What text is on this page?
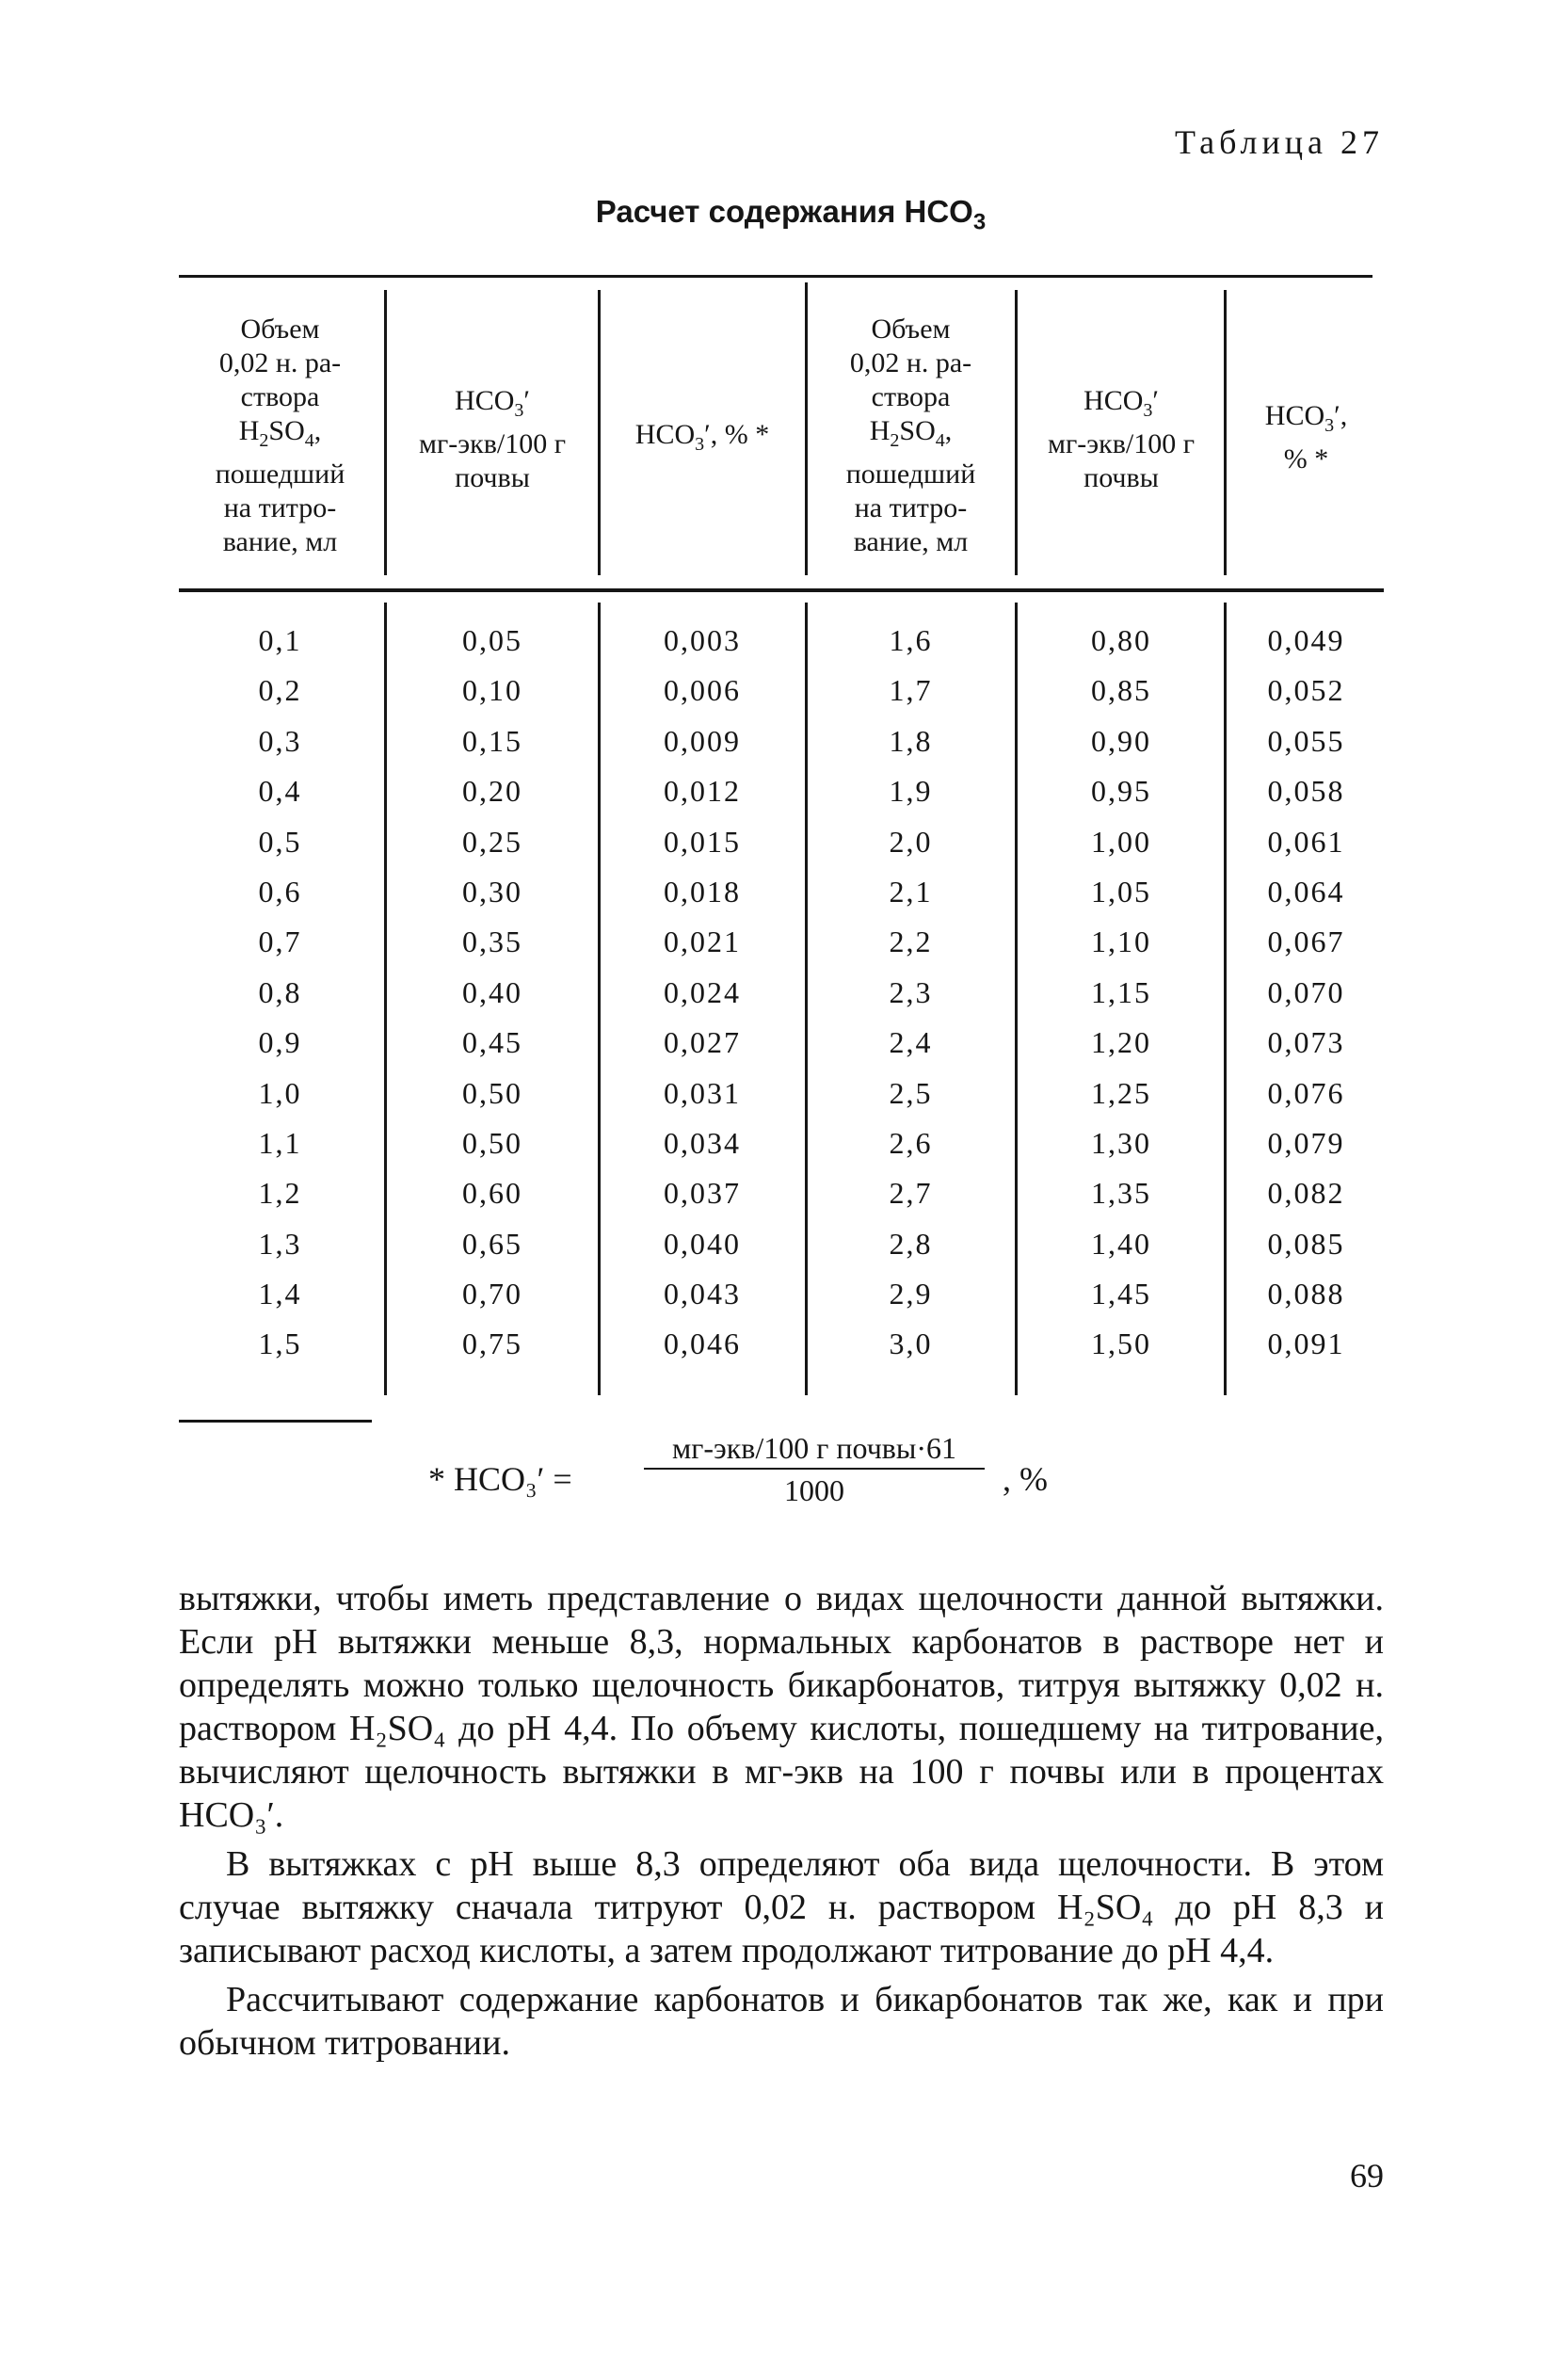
Таблица 27
Расчет содержания $HCO_3$
Объем
0,02 н. ра-
створа
$H_2SO_4$,
пошедший
на титро-
вание, мл
$HCO_3'$
мг-экв/100 г
почвы
$HCO_3'$, % *
Объем
0,02 н. ра-
створа
$H_2SO_4$,
пошедший
на титро-
вание, мл
$HCO_3'$
мг-экв/100 г
почвы
$HCO_3'$,
% *
0,1
0,2
0,3
0,4
0,5
0,6
0,7
0,8
0,9
1,0
1,1
1,2
1,3
1,4
1,5
0,05
0,10
0,15
0,20
0,25
0,30
0,35
0,40
0,45
0,50
0,50
0,60
0,65
0,70
0,75
0,003
0,006
0,009
0,012
0,015
0,018
0,021
0,024
0,027
0,031
0,034
0,037
0,040
0,043
0,046
1,6
1,7
1,8
1,9
2,0
2,1
2,2
2,3
2,4
2,5
2,6
2,7
2,8
2,9
3,0
0,80
0,85
0,90
0,95
1,00
1,05
1,10
1,15
1,20
1,25
1,30
1,35
1,40
1,45
1,50
0,049
0,052
0,055
0,058
0,061
0,064
0,067
0,070
0,073
0,076
0,079
0,082
0,085
0,088
0,091
* HCO₃′ =
мг-экв/100 г почвы·61
1000	, %

вытяжки, чтобы иметь представление о видах щелочности данной вытяжки. Если pH вытяжки меньше 8,3, нормальных карбонатов в растворе нет и определять можно только щелочность бикарбонатов, титруя вытяжку 0,02 н. раствором H₂SO₄ до pH 4,4. По объему кислоты, пошедшему на титрование, вычисляют щелочность вытяжки в мг-экв на 100 г почвы или в процентах HCO₃′.

В вытяжках с pH выше 8,3 определяют оба вида щелочности. В этом случае вытяжку сначала титруют 0,02 н. раствором H₂SO₄ до pH 8,3 и записывают расход кислоты, а затем продолжают титрование до pH 4,4.

Рассчитывают содержание карбонатов и бикарбонатов так же, как и при обычном титровании.

69
